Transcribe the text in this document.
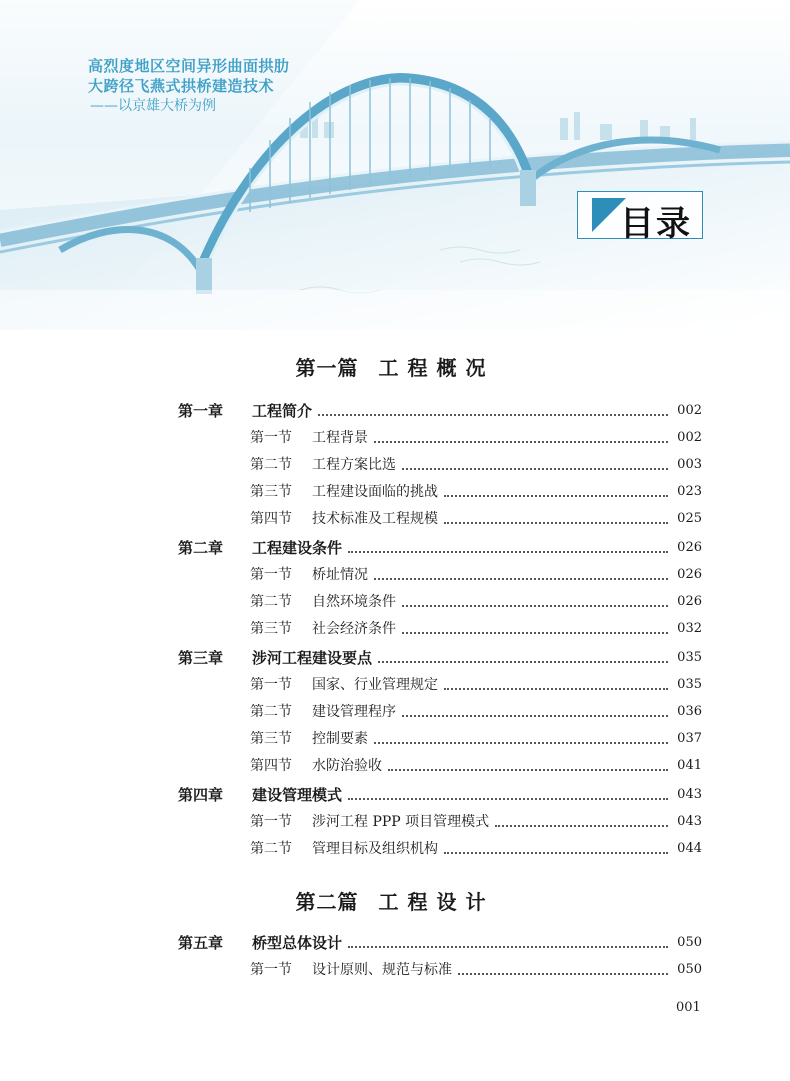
高烈度地区空间异形曲面拱肋
大跨径飞燕式拱桥建造技术
——以京雄大桥为例
目录
第一篇 工程概况
第一章	工程简介	002
第一节	工程背景	002
第二节	工程方案比选	003
第三节	工程建设面临的挑战	023
第四节	技术标准及工程规模	025
第二章	工程建设条件	026
第一节	桥址情况	026
第二节	自然环境条件	026
第三节	社会经济条件	032
第三章	涉河工程建设要点	035
第一节	国家、行业管理规定	035
第二节	建设管理程序	036
第三节	控制要素	037
第四节	水防治验收	041
第四章	建设管理模式	043
第一节	涉河工程 PPP 项目管理模式	043
第二节	管理目标及组织机构	044
第二篇 工程设计
第五章	桥型总体设计	050
第一节	设计原则、规范与标准	050
001
